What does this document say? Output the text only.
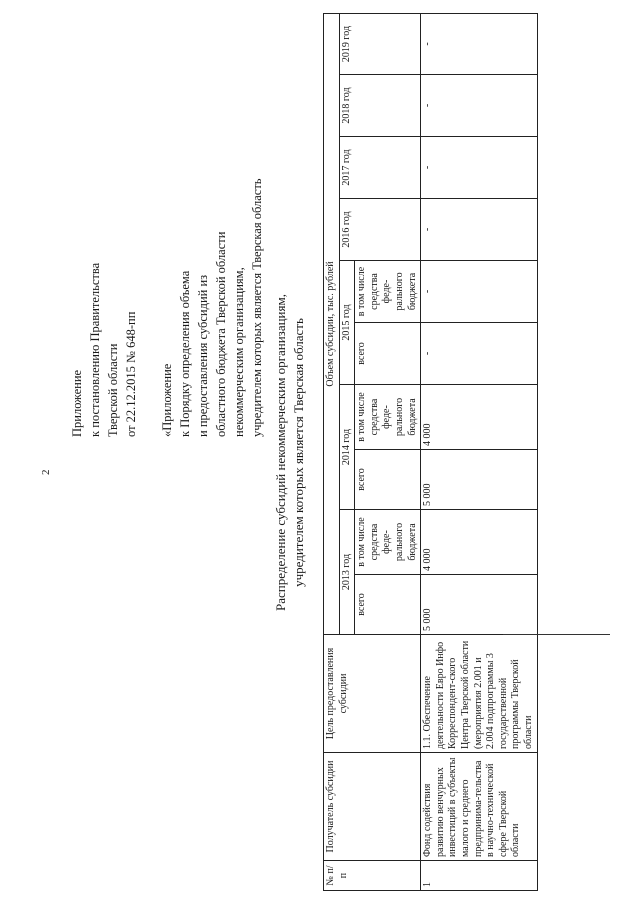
2
Приложение к постановлению Правительства Тверской области от 22.12.2015 № 648-пп
«Приложение к Порядку определения объема и предоставления субсидий из областного бюджета Тверской области некоммерческим организациям, учредителем которых является Тверская область Распределение субсидий некоммерческим организациям, учредителем которых является Тверская область
№ п/п	Получатель субсидии	Цель предоставления субсидии	Объем субсидии, тыс. рублей									
			2013 год		2014 год		2015 год		2016 год	2017 год	2018 год	2019 год
			всего	в том числе средства феде-рального бюджета	всего	в том числе средства феде-рального бюджета	всего	в том числе средства феде-рального бюджета				
1	Фонд содействия развитию венчурных инвестиций в субъекты малого и среднего предпринима-тельства в научно-технической сфере Тверской области	1.1. Обеспечение деятельности Евро Инфо Корреспондент-ского Центра Тверской области (мероприятия 2.001 и 2.004 подпрограммы 3 государственной программы Тверской области	5 000	4 000	5 000	4 000	-	-	-	-	-	-
